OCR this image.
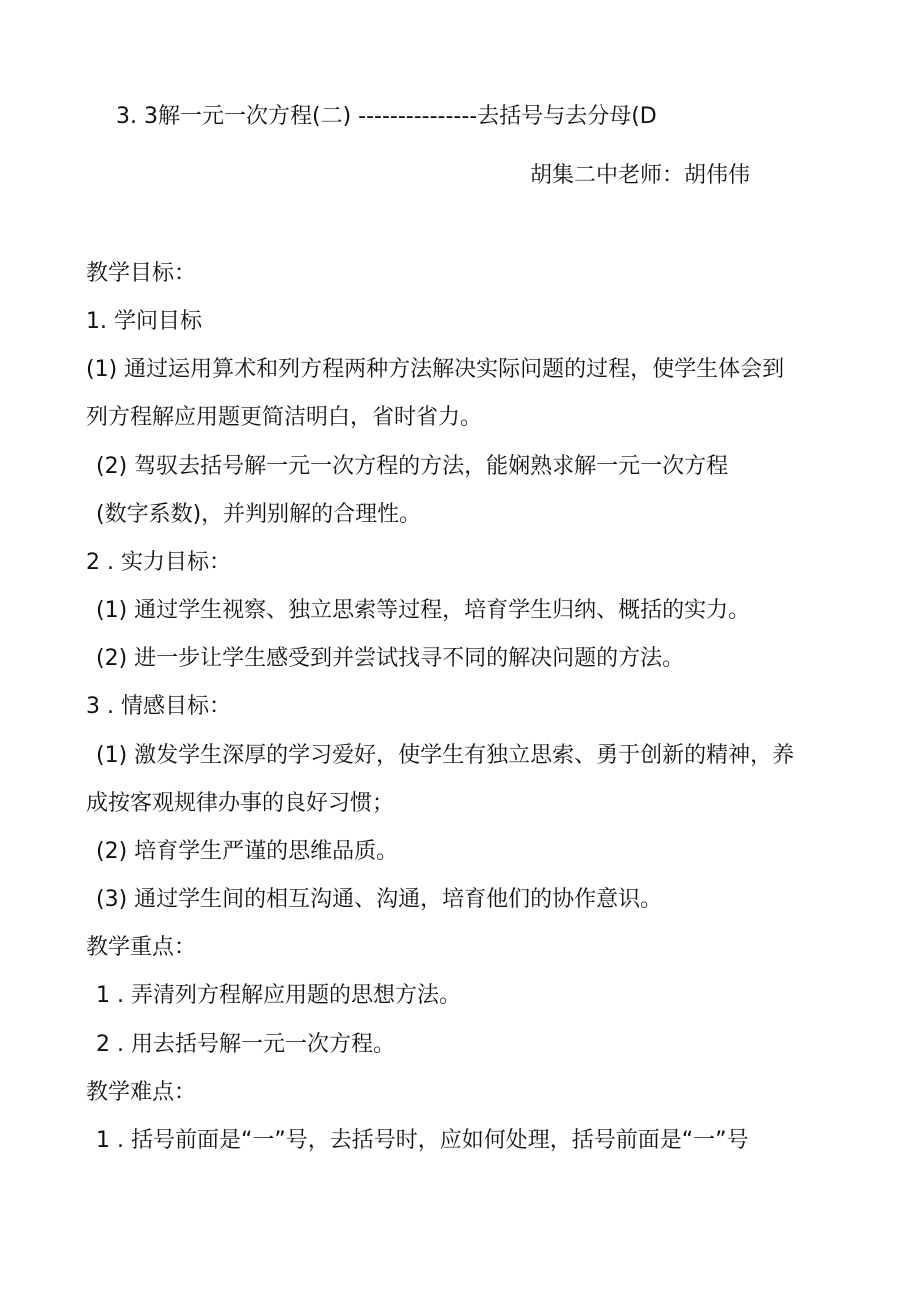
3. 3解一元一次方程(二) ---------------去括号与去分母(D
胡集二中老师：胡伟伟
教学目标：
1. 学问目标
(1) 通过运用算术和列方程两种方法解决实际问题的过程，使学生体会到
列方程解应用题更简洁明白，省时省力。
(2) 驾驭去括号解一元一次方程的方法，能娴熟求解一元一次方程
(数字系数)，并判别解的合理性。
2 . 实力目标：
(1) 通过学生视察、独立思索等过程，培育学生归纳、概括的实力。
(2) 进一步让学生感受到并尝试找寻不同的解决问题的方法。
3 . 情感目标：
(1) 激发学生深厚的学习爱好，使学生有独立思索、勇于创新的精神，养
成按客观规律办事的良好习惯；
(2) 培育学生严谨的思维品质。
(3) 通过学生间的相互沟通、沟通，培育他们的协作意识。
教学重点：
1 . 弄清列方程解应用题的思想方法。
2 . 用去括号解一元一次方程。
教学难点：
1 . 括号前面是“一”号，去括号时，应如何处理，括号前面是“一”号
